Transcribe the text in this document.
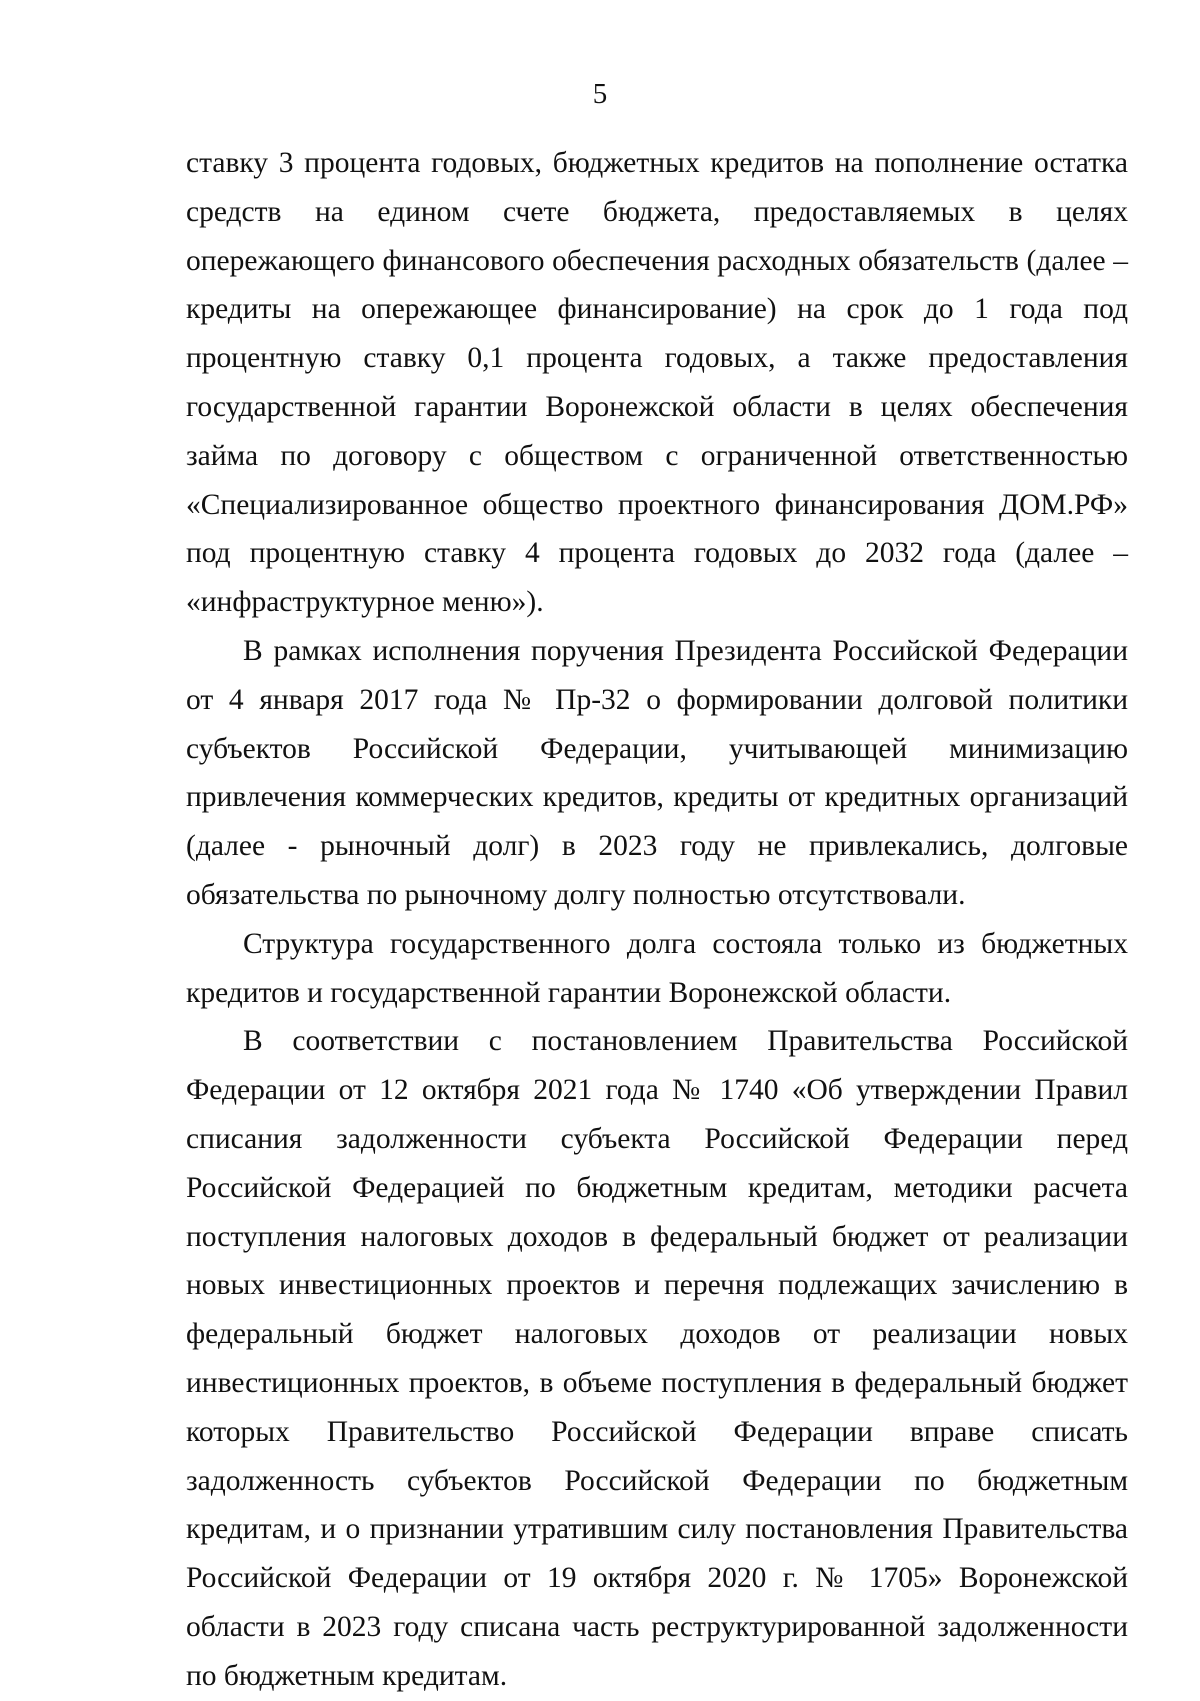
5

ставку 3 процента годовых, бюджетных кредитов на пополнение остатка средств на едином счете бюджета, предоставляемых в целях опережающего финансового обеспечения расходных обязательств (далее – кредиты на опережающее финансирование) на срок до 1 года под процентную ставку 0,1 процента годовых, а также предоставления государственной гарантии Воронежской области в целях обеспечения займа по договору с обществом с ограниченной ответственностью «Специализированное общество проектного финансирования ДОМ.РФ» под процентную ставку 4 процента годовых до 2032 года (далее – «инфраструктурное меню»).

В рамках исполнения поручения Президента Российской Федерации от 4 января 2017 года № Пр-32 о формировании долговой политики субъектов Российской Федерации, учитывающей минимизацию привлечения коммерческих кредитов, кредиты от кредитных организаций (далее - рыночный долг) в 2023 году не привлекались, долговые обязательства по рыночному долгу полностью отсутствовали.

Структура государственного долга состояла только из бюджетных кредитов и государственной гарантии Воронежской области.

В соответствии с постановлением Правительства Российской Федерации от 12 октября 2021 года № 1740 «Об утверждении Правил списания задолженности субъекта Российской Федерации перед Российской Федерацией по бюджетным кредитам, методики расчета поступления налоговых доходов в федеральный бюджет от реализации новых инвестиционных проектов и перечня подлежащих зачислению в федеральный бюджет налоговых доходов от реализации новых инвестиционных проектов, в объеме поступления в федеральный бюджет которых Правительство Российской Федерации вправе списать задолженность субъектов Российской Федерации по бюджетным кредитам, и о признании утратившим силу постановления Правительства Российской Федерации от 19 октября 2020 г. № 1705» Воронежской области в 2023 году списана часть реструктурированной задолженности по бюджетным кредитам.
